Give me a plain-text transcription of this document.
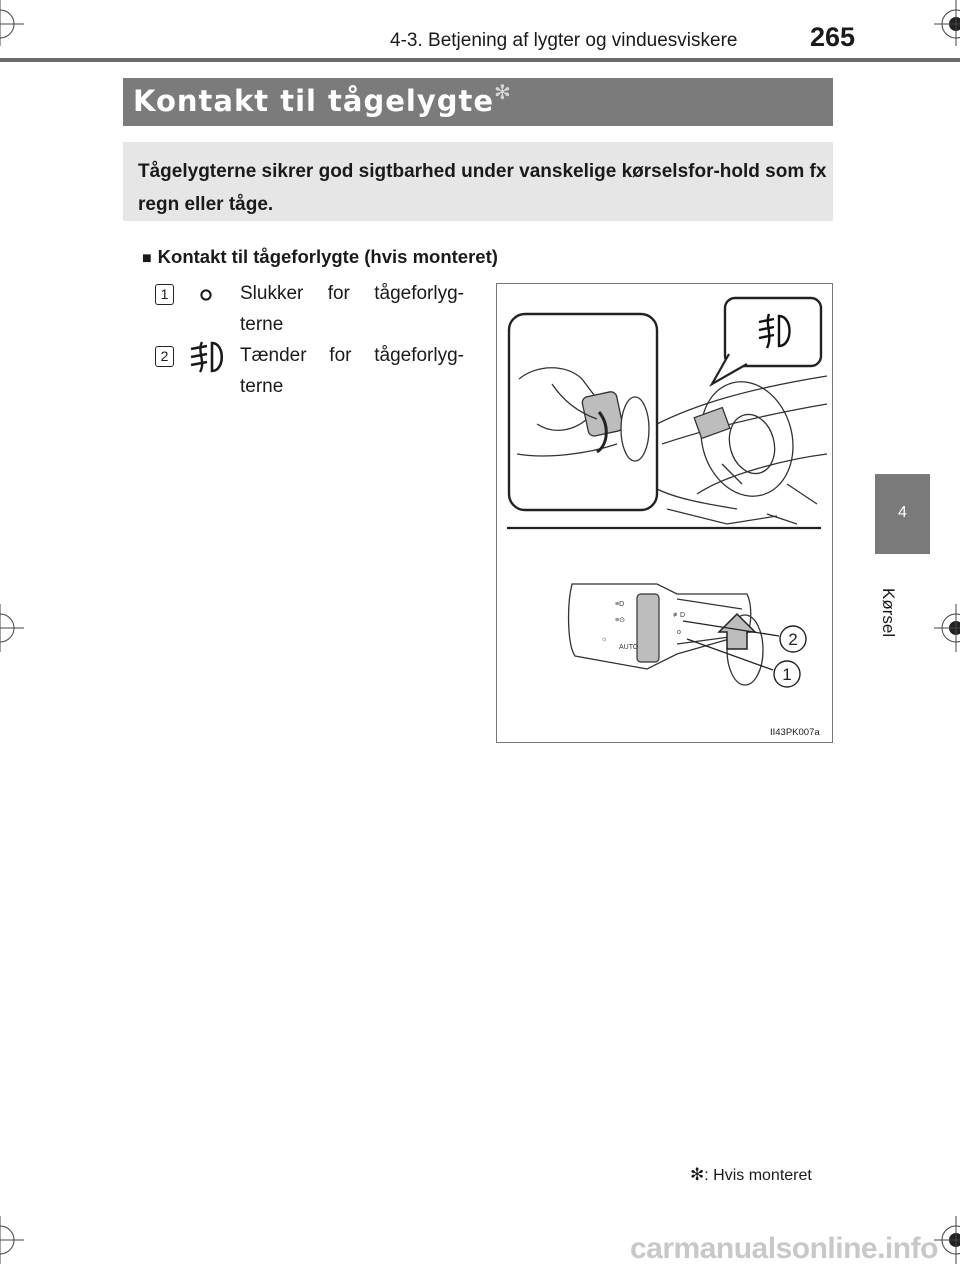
4-3. Betjening af lygter og vinduesviskere	265
4
Kørsel
Kontakt til tågelygte✻
Tågelygterne sikrer god sigtbarhed under vanskelige kørselsfor-hold som fx regn eller tåge.
■ Kontakt til tågeforlygte (hvis monteret)
1	Slukker for tågeforlyg-terne
2	Tænder for tågeforlyg-terne
≡D
≡⊙
☼
AUTO
≢D
o	2
1
II43PK007a
✻: Hvis monteret
carmanualsonline.info
